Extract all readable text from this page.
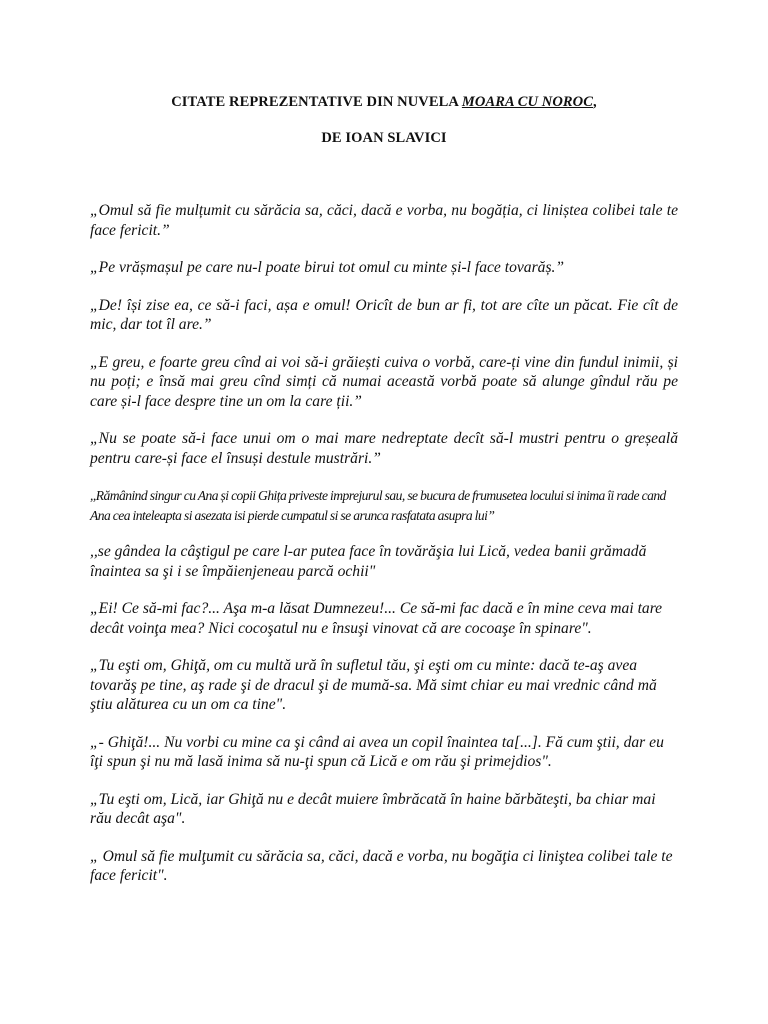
CITATE REPREZENTATIVE DIN NUVELA MOARA CU NOROC,
DE IOAN SLAVICI

„Omul să fie mulțumit cu sărăcia sa, căci, dacă e vorba, nu bogăția, ci liniștea colibei tale te face fericit.”

„Pe vrășmașul pe care nu-l poate birui tot omul cu minte și-l face tovarăș.”

„De! își zise ea, ce să-i faci, așa e omul! Oricît de bun ar fi, tot are cîte un păcat. Fie cît de mic, dar tot îl are.”

„E greu, e foarte greu cînd ai voi să-i grăiești cuiva o vorbă, care-ți vine din fundul inimii, și nu poți; e însă mai greu cînd simți că numai această vorbă poate să alunge gîndul rău pe care și-l face despre tine un om la care ții.”

„Nu se poate să-i face unui om o mai mare nedreptate decît să-l mustri pentru o greșeală pentru care-și face el însuși destule mustrări.”

,,Rămânind singur cu Ana și copii Ghița priveste imprejurul sau, se bucura de frumusetea locului si inima îi rade cand Ana cea inteleapta si asezata isi pierde cumpatul si se arunca rasfatata asupra lui”

,,se gândea la câştigul pe care l-ar putea face în tovărăşia lui Lică, vedea banii grămadă înaintea sa şi i se împăienjeneau parcă ochii"

„Ei! Ce să-mi fac?... Aşa m-a lăsat Dumnezeu!... Ce să-mi fac dacă e în mine ceva mai tare decât voinţa mea? Nici cocoşatul nu e însuşi vinovat că are cocoaşe în spinare".

„Tu eşti om, Ghiţă, om cu multă ură în sufletul tău, şi eşti om cu minte: dacă te-aş avea tovarăş pe tine, aş rade şi de dracul şi de mumă-sa. Mă simt chiar eu mai vrednic când mă ştiu alăturea cu un om ca tine".

„- Ghiţă!... Nu vorbi cu mine ca şi când ai avea un copil înaintea ta[...]. Fă cum ştii, dar eu îţi spun şi nu mă lasă inima să nu-ţi spun că Lică e om rău şi primejdios".

„Tu eşti om, Lică, iar Ghiţă nu e decât muiere îmbrăcată în haine bărbăteşti, ba chiar mai rău decât aşa".

„ Omul să fie mulţumit cu sărăcia sa, căci, dacă e vorba, nu bogăţia ci liniştea colibei tale te face fericit".
